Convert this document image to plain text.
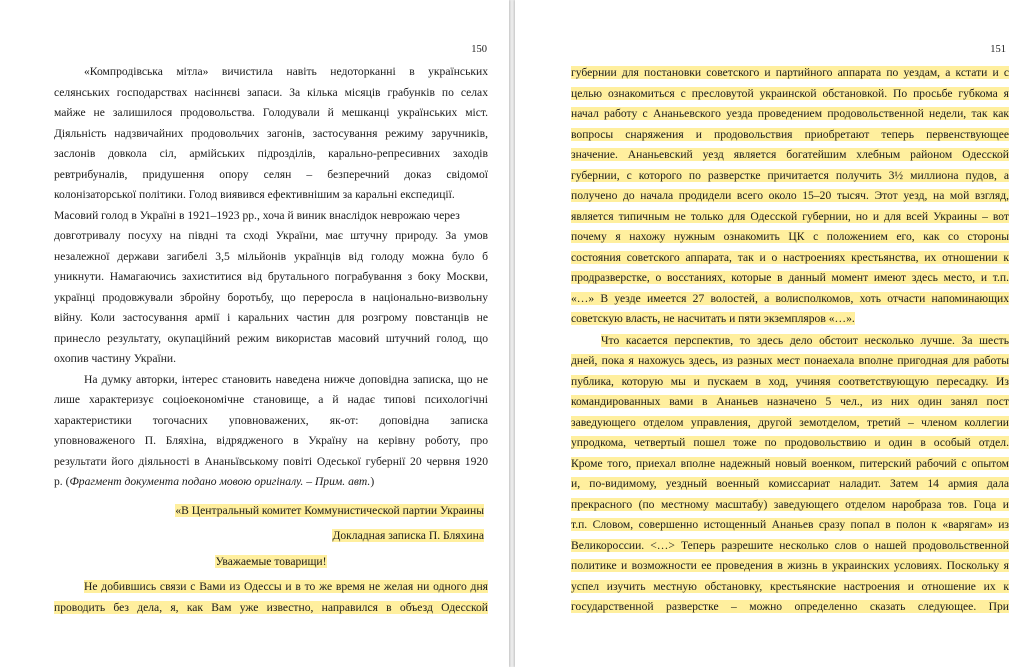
150
«Компродівська мітла» вичистила навіть недоторканні в українських
селянських господарствах насіннєві запаси. За кілька місяців грабунків по селах
майже не залишилося продовольства. Голодували й мешканці українських міст.
Діяльність надзвичайних продовольчих загонів, застосування режиму заручників,
заслонів довкола сіл, армійських підрозділів, карально-репресивних заходів
ревтрибуналів, придушення опору селян – безперечний доказ свідомої
колонізаторської політики. Голод виявився ефективнішим за каральні експедиції.
Масовий голод в Україні в 1921–1923 рр., хоча й виник внаслідок неврожаю через
довготривалу посуху на півдні та сході України, має штучну природу. За умов
незалежної держави загибелі 3,5 мільйонів українців від голоду можна було б
уникнути. Намагаючись захиститися від брутального пограбування з боку Москви,
українці продовжували збройну боротьбу, що переросла в національно-визвольну
війну. Коли застосування армії і каральних частин для розгрому повстанців не
принесло результату, окупаційний режим використав масовий штучний голод, що
охопив частину України.
На думку авторки, інтерес становить наведена нижче доповідна записка, що не
лише характеризує соціоекономічне становище, а й надає типові психологічні
характеристики тогочасних уповноважених, як-от: доповідна записка
уповноваженого П. Бляхіна, відрядженого в Україну на керівну роботу, про
результати його діяльності в Ананьївському повіті Одеської губернії 20 червня 1920
р. (Фрагмент документа подано мовою оригіналу. – Прим. авт.)
«В Центральный комитет Коммунистической партии Украины
Докладная записка П. Бляхина
Уважаемые товарищи!
Не добившись связи с Вами из Одессы и в то же время не желая ни одного дня
проводить без дела, я, как Вам уже известно, направился в объезд Одесской
151
губернии для постановки советского и партийного аппарата по уездам, а кстати и с
целью ознакомиться с пресловутой украинской обстановкой. По просьбе губкома я
начал работу с Ананьевского уезда проведением продовольственной недели, так как
вопросы снаряжения и продовольствия приобретают теперь первенствующее
значение. Ананьевский уезд является богатейшим хлебным районом Одесской
губернии, с которого по разверстке причитается получить 3½ миллиона пудов, а
получено до начала продидели всего около 15–20 тысяч. Этот уезд, на мой взгляд,
является типичным не только для Одесской губернии, но и для всей Украины – вот
почему я нахожу нужным ознакомить ЦК с положением его, как со стороны
состояния советского аппарата, так и о настроениях крестьянства, их отношении к
продразверстке, о восстаниях, которые в данный момент имеют здесь место, и т.п.
«…» В уезде имеется 27 волостей, а волисполкомов, хоть отчасти напоминающих
советскую власть, не насчитать и пяти экземпляров «…».
Что касается перспектив, то здесь дело обстоит несколько лучше. За шесть
дней, пока я нахожусь здесь, из разных мест понаехала вполне пригодная для работы
публика, которую мы и пускаем в ход, учиняя соответствующую пересадку. Из
командированных вами в Ананьев назначено 5 чел., из них один занял пост
заведующего отделом управления, другой земотделом, третий – членом коллегии
упродкома, четвертый пошел тоже по продовольствию и один в особый отдел.
Кроме того, приехал вполне надежный новый военком, питерский рабочий с опытом
и, по-видимому, уездный военный комиссариат наладит. Затем 14 армия дала
прекрасного (по местному масштабу) заведующего отделом наробраза тов. Гоца и
т.п. Словом, совершенно истощенный Ананьев сразу попал в полон к «варягам» из
Великороссии. <…> Теперь разрешите несколько слов о нашей продовольственной
политике и возможности ее проведения в жизнь в украинских условиях. Поскольку я
успел изучить местную обстановку, крестьянские настроения и отношение их к
государственной разверстке – можно определенно сказать следующее. При
